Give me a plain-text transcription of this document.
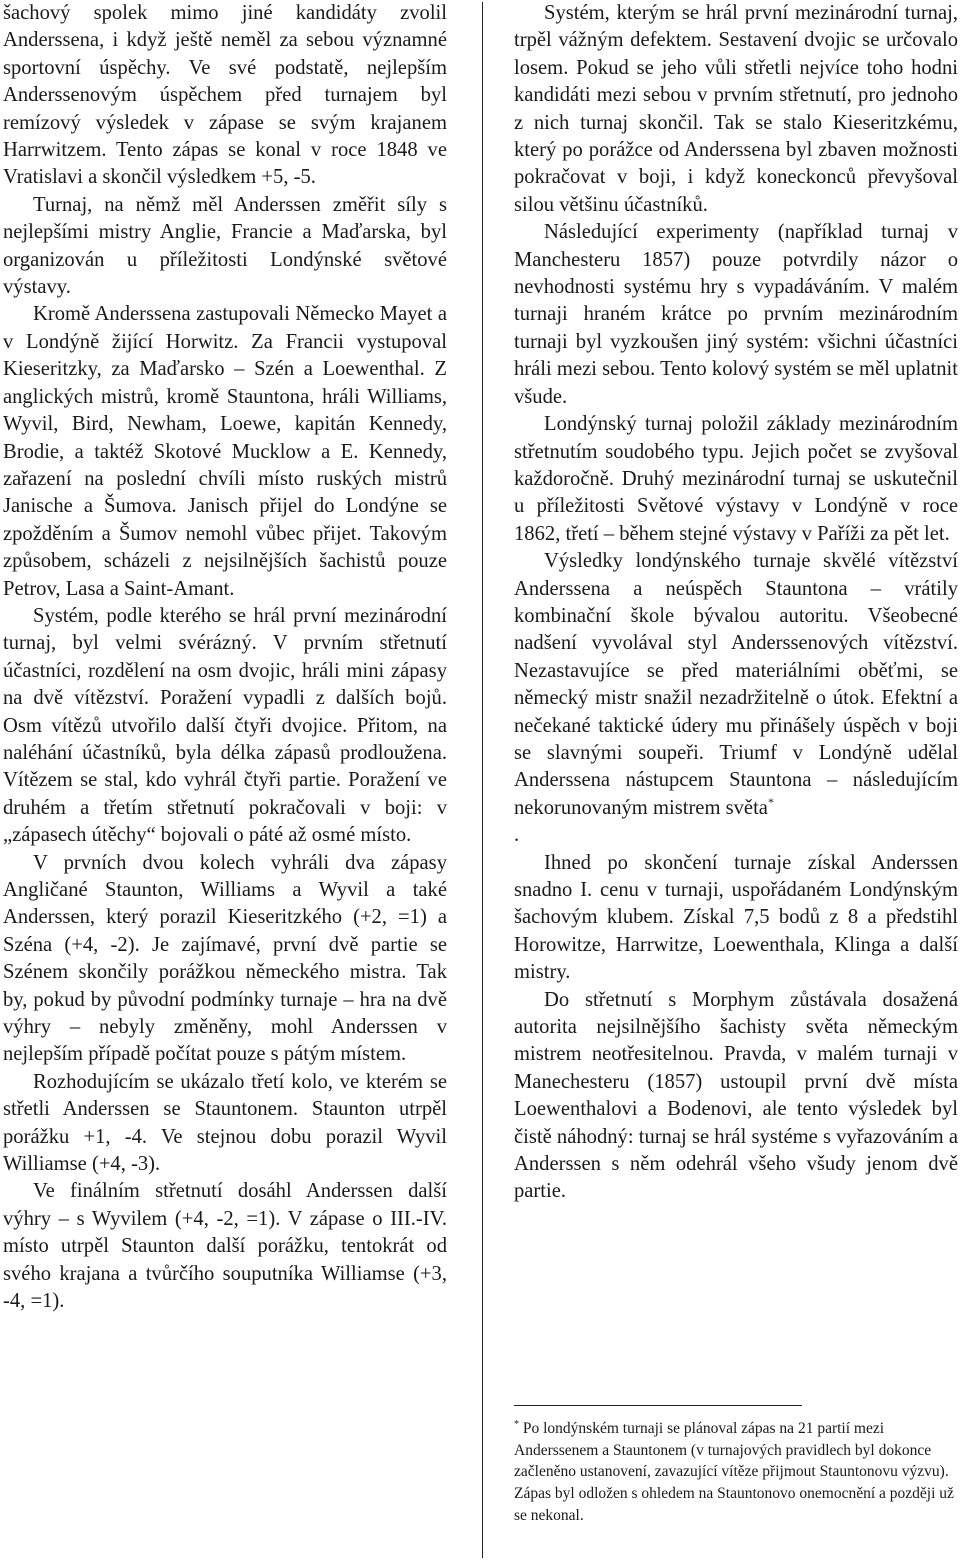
šachový spolek mimo jiné kandidáty zvolil Anderssena, i když ještě neměl za sebou významné sportovní úspěchy. Ve své podstatě, nejlepším Anderssenovým úspěchem před turnajem byl remízový výsledek v zápase se svým krajanem Harrwitzem. Tento zápas se konal v roce 1848 ve Vratislavi a skončil výsledkem +5, -5.

Turnaj, na němž měl Anderssen změřit síly s nejlepšími mistry Anglie, Francie a Maďarska, byl organizován u příležitosti Londýnské světové výstavy.

Kromě Anderssena zastupovali Německo Mayet a v Londýně žijící Horwitz. Za Francii vystupoval Kieseritzky, za Maďarsko – Szén a Loewenthal. Z anglických mistrů, kromě Stauntona, hráli Williams, Wyvil, Bird, Newham, Loewe, kapitán Kennedy, Brodie, a taktéž Skotové Mucklow a E. Kennedy, zařazení na poslední chvíli místo ruských mistrů Janische a Šumova. Janisch přijel do Londýne se zpožděním a Šumov nemohl vůbec přijet. Takovým způsobem, scházeli z nejsilnějších šachistů pouze Petrov, Lasa a Saint-Amant.

Systém, podle kterého se hrál první mezinárodní turnaj, byl velmi svérázný. V prvním střetnutí účastníci, rozdělení na osm dvojic, hráli mini zápasy na dvě vítězství. Poražení vypadli z dalších bojů. Osm vítězů utvořilo další čtyři dvojice. Přitom, na naléhání účastníků, byla délka zápasů prodloužena. Vítězem se stal, kdo vyhrál čtyři partie. Poražení ve druhém a třetím střetnutí pokračovali v boji: v „zápasech útěchy“ bojovali o páté až osmé místo.

V prvních dvou kolech vyhráli dva zápasy Angličané Staunton, Williams a Wyvil a také Anderssen, který porazil Kieseritzkého (+2, =1) a Széna (+4, -2). Je zajímavé, první dvě partie se Szénem skončily porážkou německého mistra. Tak by, pokud by původní podmínky turnaje – hra na dvě výhry – nebyly změněny, mohl Anderssen v nejlepším případě počítat pouze s pátým místem.

Rozhodujícím se ukázalo třetí kolo, ve kterém se střetli Anderssen se Stauntonem. Staunton utrpěl porážku +1, -4. Ve stejnou dobu porazil Wyvil Williamse (+4, -3).

Ve finálním střetnutí dosáhl Anderssen další výhry – s Wyvilem (+4, -2, =1). V zápase o III.-IV. místo utrpěl Staunton další porážku, tentokrát od svého krajana a tvůrčího souputníka Williamse (+3, -4, =1).

Systém, kterým se hrál první mezinárodní turnaj, trpěl vážným defektem. Sestavení dvojic se určovalo losem. Pokud se jeho vůli střetli nejvíce toho hodni kandidáti mezi sebou v prvním střetnutí, pro jednoho z nich turnaj skončil. Tak se stalo Kieseritzkému, který po porážce od Anderssena byl zbaven možnosti pokračovat v boji, i když koneckonců převyšoval silou většinu účastníků.

Následující experimenty (například turnaj v Manchesteru 1857) pouze potvrdily názor o nevhodnosti systému hry s vypadáváním. V malém turnaji hraném krátce po prvním mezinárodním turnaji byl vyzkoušen jiný systém: všichni účastníci hráli mezi sebou. Tento kolový systém se měl uplatnit všude.

Londýnský turnaj položil základy mezinárodním střetnutím soudobého typu. Jejich počet se zvyšoval každoročně. Druhý mezinárodní turnaj se uskutečnil u příležitosti Světové výstavy v Londýně v roce 1862, třetí – během stejné výstavy v Paříži za pět let.

Výsledky londýnského turnaje skvělé vítězství Anderssena a neúspěch Stauntona – vrátily kombinační škole bývalou autoritu. Všeobecné nadšení vyvolával styl Anderssenových vítězství. Nezastavujíce se před materiálními oběťmi, se německý mistr snažil nezadržitelně o útok. Efektní a nečekané taktické údery mu přinášely úspěch v boji se slavnými soupeři. Triumf v Londýně udělal Anderssena nástupcem Stauntona – následujícím nekorunovaným mistrem světa*
.

Ihned po skončení turnaje získal Anderssen snadno I. cenu v turnaji, uspořádaném Londýnským šachovým klubem. Získal 7,5 bodů z 8 a předstihl Horowitze, Harrwitze, Loewenthala, Klinga a další mistry.

Do střetnutí s Morphym zůstávala dosažená autorita nejsilnějšího šachisty světa německým mistrem neotřesitelnou. Pravda, v malém turnaji v Manechesteru (1857) ustoupil první dvě místa Loewenthalovi a Bodenovi, ale tento výsledek byl čistě náhodný: turnaj se hrál systéme s vyřazováním a Anderssen s něm odehrál všeho všudy jenom dvě partie.

* Po londýnském turnaji se plánoval zápas na 21 partií mezi Anderssenem a Stauntonem (v turnajových pravidlech byl dokonce začleněno ustanovení, zavazující vítěze přijmout Stauntonovu výzvu). Zápas byl odložen s ohledem na Stauntonovo onemocnění a později už se nekonal.
